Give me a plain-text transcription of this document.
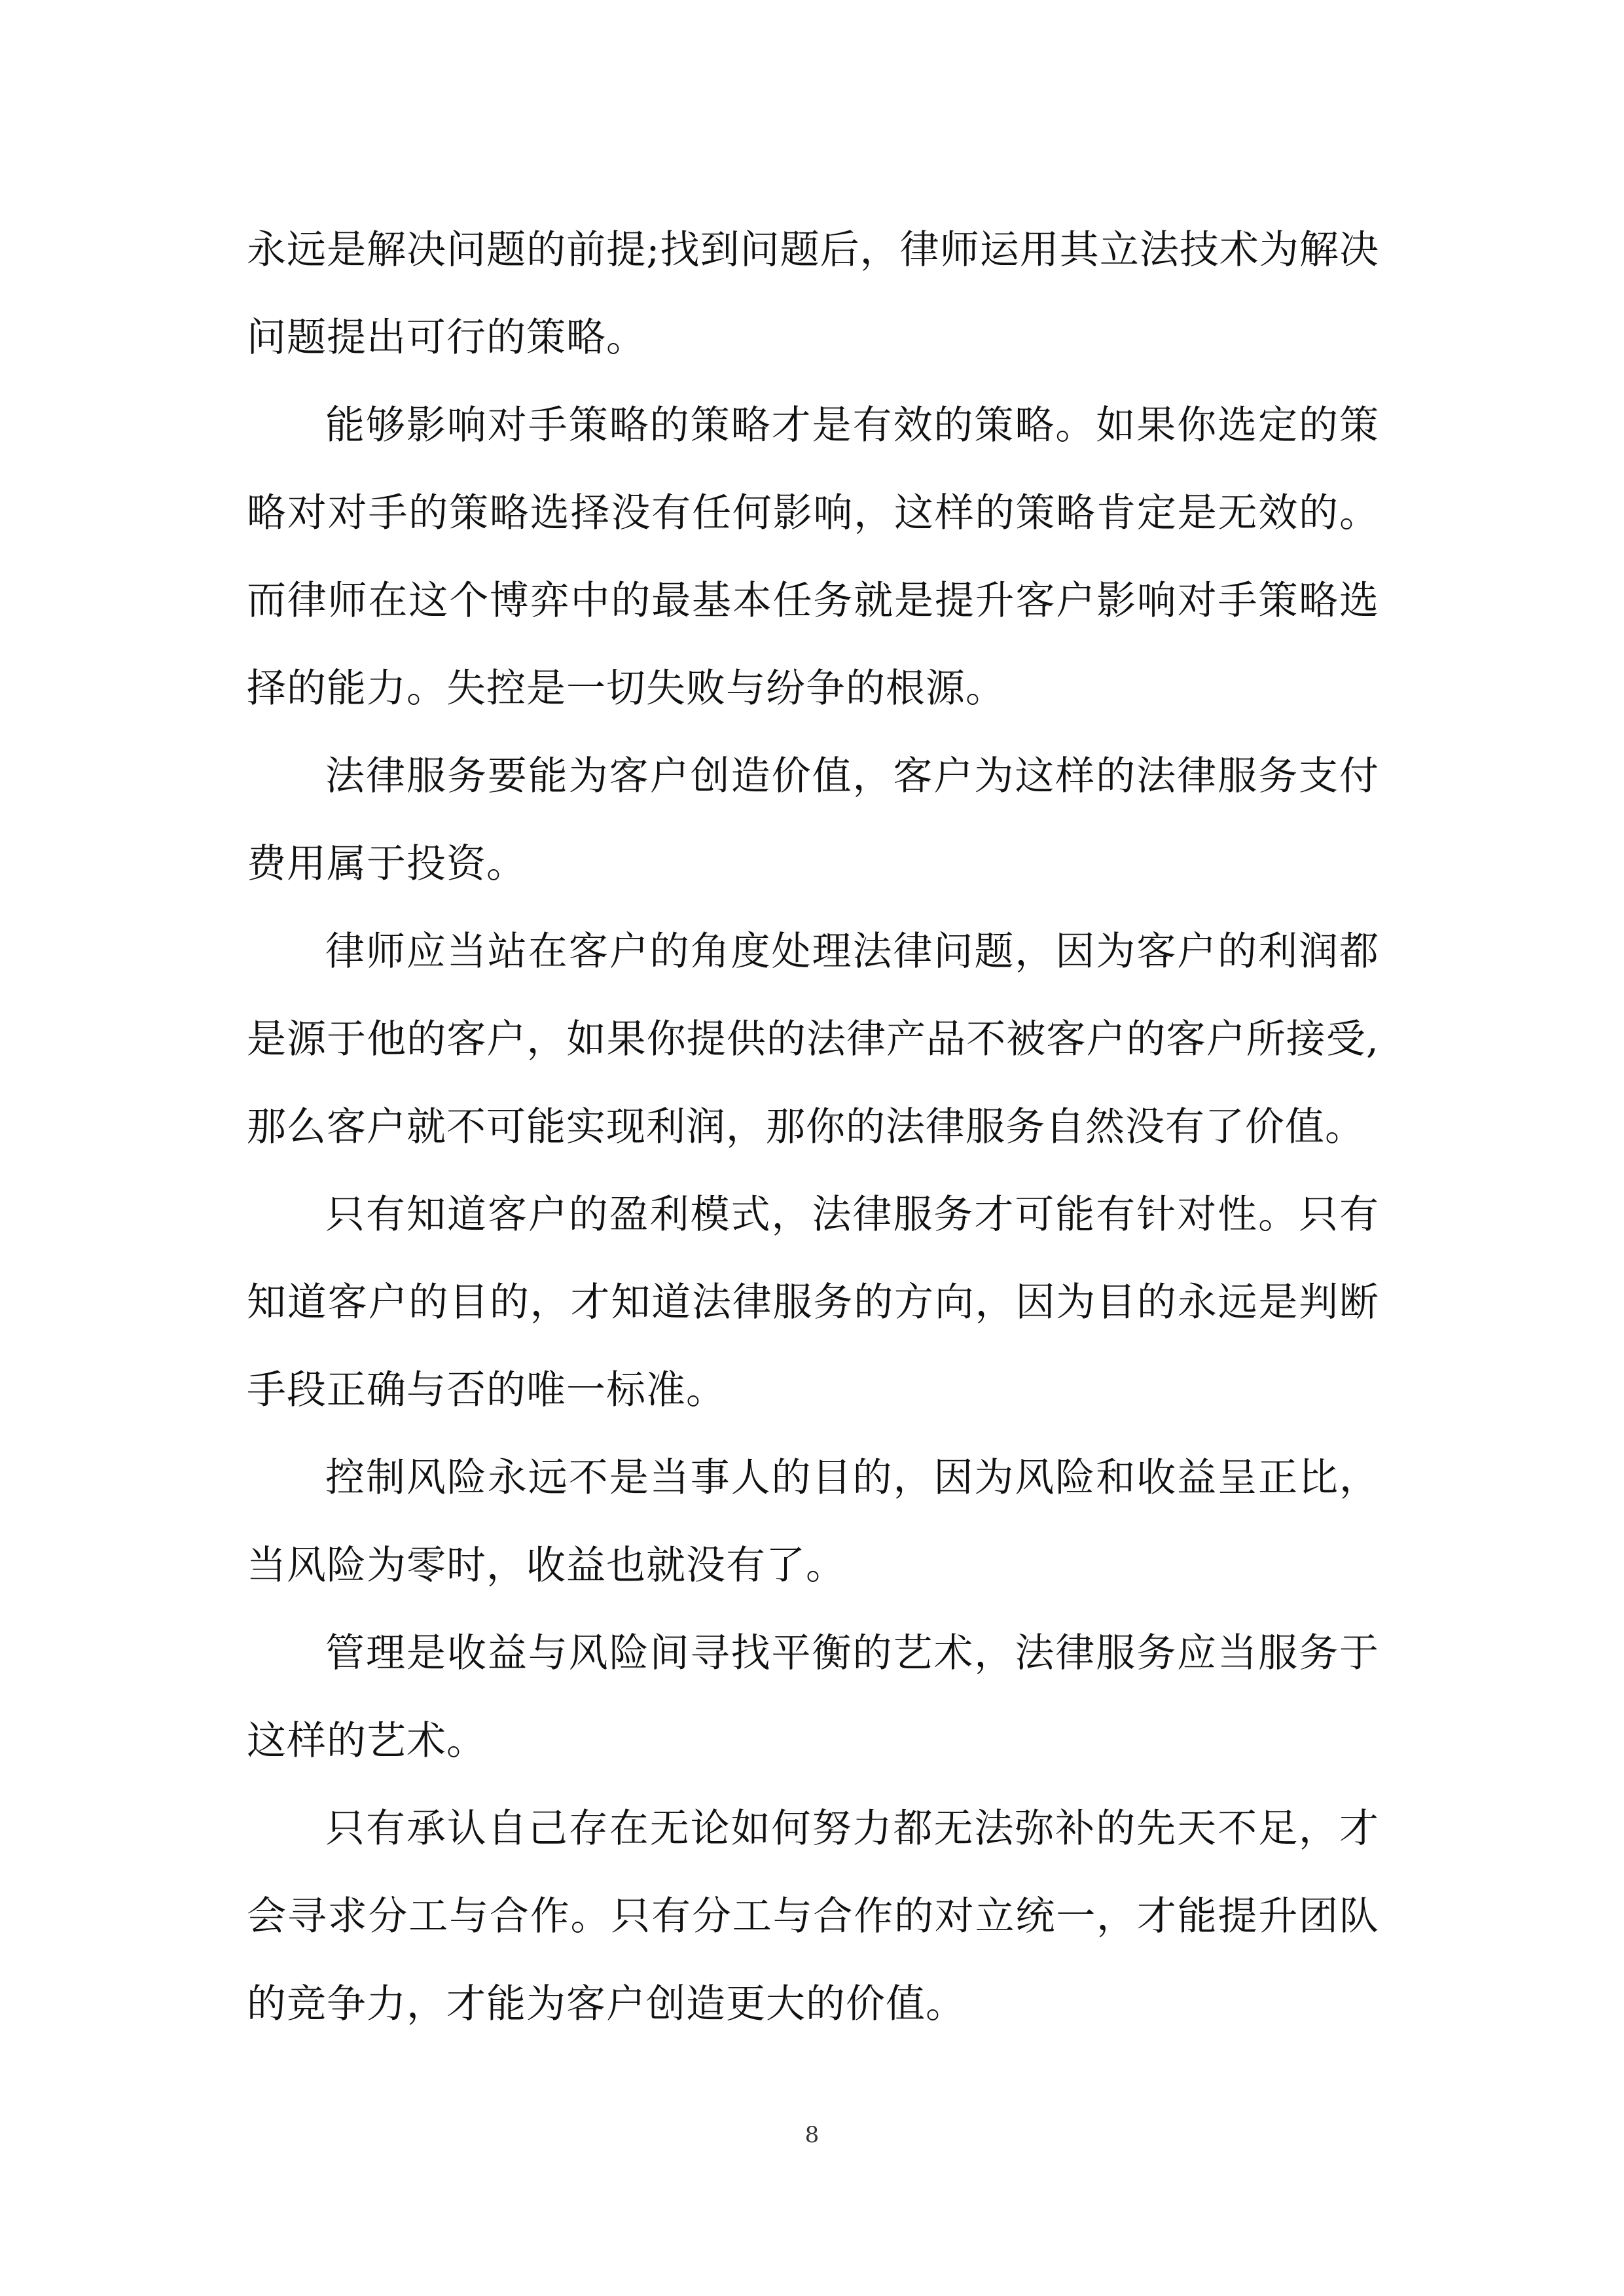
永远是解决问题的前提;找到问题后，律师运用其立法技术为解决问题提出可行的策略。

能够影响对手策略的策略才是有效的策略。如果你选定的策略对对手的策略选择没有任何影响，这样的策略肯定是无效的。而律师在这个博弈中的最基本任务就是提升客户影响对手策略选择的能力。失控是一切失败与纷争的根源。

法律服务要能为客户创造价值，客户为这样的法律服务支付费用属于投资。

律师应当站在客户的角度处理法律问题，因为客户的利润都是源于他的客户，如果你提供的法律产品不被客户的客户所接受,那么客户就不可能实现利润，那你的法律服务自然没有了价值。

只有知道客户的盈利模式，法律服务才可能有针对性。只有知道客户的目的，才知道法律服务的方向，因为目的永远是判断手段正确与否的唯一标准。

控制风险永远不是当事人的目的，因为风险和收益呈正比，当风险为零时，收益也就没有了。

管理是收益与风险间寻找平衡的艺术，法律服务应当服务于这样的艺术。

只有承认自己存在无论如何努力都无法弥补的先天不足，才会寻求分工与合作。只有分工与合作的对立统一，才能提升团队的竞争力，才能为客户创造更大的价值。

8
